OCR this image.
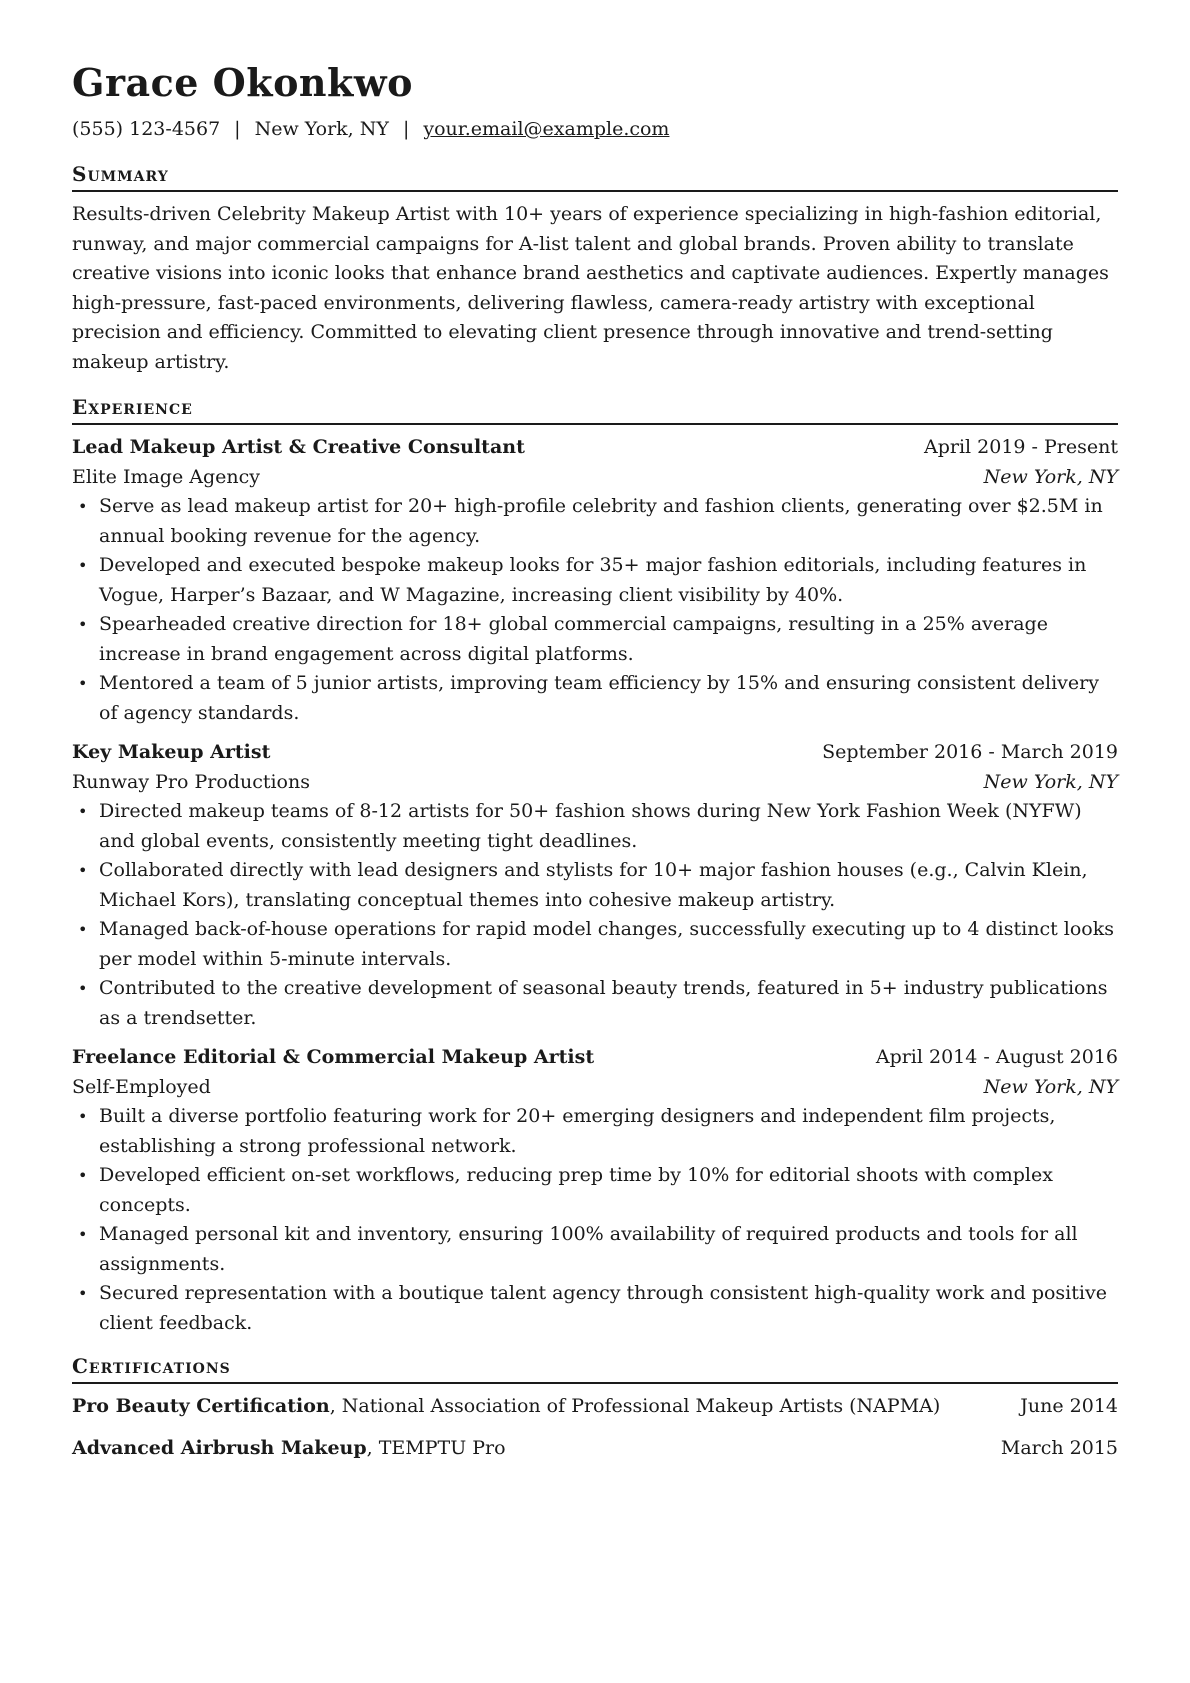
Grace Okonkwo
(555) 123-4567 | New York, NY | your.email@example.com
Summary

Results-driven Celebrity Makeup Artist with 10+ years of experience specializing in high-fashion editorial, runway, and major commercial campaigns for A-list talent and global brands. Proven ability to translate creative visions into iconic looks that enhance brand aesthetics and captivate audiences. Expertly manages high-pressure, fast-paced environments, delivering flawless, camera-ready artistry with exceptional precision and efficiency. Committed to elevating client presence through innovative and trend-setting makeup artistry.

Experience
Lead Makeup Artist & Creative Consultant	April 2019 - Present
Elite Image Agency	New York, NY
• Serve as lead makeup artist for 20+ high-profile celebrity and fashion clients, generating over $2.5M in annual booking revenue for the agency.
• Developed and executed bespoke makeup looks for 35+ major fashion editorials, including features in Vogue, Harper’s Bazaar, and W Magazine, increasing client visibility by 40%.
• Spearheaded creative direction for 18+ global commercial campaigns, resulting in a 25% average increase in brand engagement across digital platforms.
• Mentored a team of 5 junior artists, improving team efficiency by 15% and ensuring consistent delivery of agency standards.
Key Makeup Artist	September 2016 - March 2019
Runway Pro Productions	New York, NY
• Directed makeup teams of 8-12 artists for 50+ fashion shows during New York Fashion Week (NYFW) and global events, consistently meeting tight deadlines.
• Collaborated directly with lead designers and stylists for 10+ major fashion houses (e.g., Calvin Klein, Michael Kors), translating conceptual themes into cohesive makeup artistry.
• Managed back-of-house operations for rapid model changes, successfully executing up to 4 distinct looks per model within 5-minute intervals.
• Contributed to the creative development of seasonal beauty trends, featured in 5+ industry publications as a trendsetter.
Freelance Editorial & Commercial Makeup Artist	April 2014 - August 2016
Self-Employed	New York, NY
• Built a diverse portfolio featuring work for 20+ emerging designers and independent film projects, establishing a strong professional network.
• Developed efficient on-set workflows, reducing prep time by 10% for editorial shoots with complex concepts.
• Managed personal kit and inventory, ensuring 100% availability of required products and tools for all assignments.
• Secured representation with a boutique talent agency through consistent high-quality work and positive client feedback.
Certifications
Pro Beauty Certification, National Association of Professional Makeup Artists (NAPMA)	June 2014
Advanced Airbrush Makeup, TEMPTU Pro	March 2015
